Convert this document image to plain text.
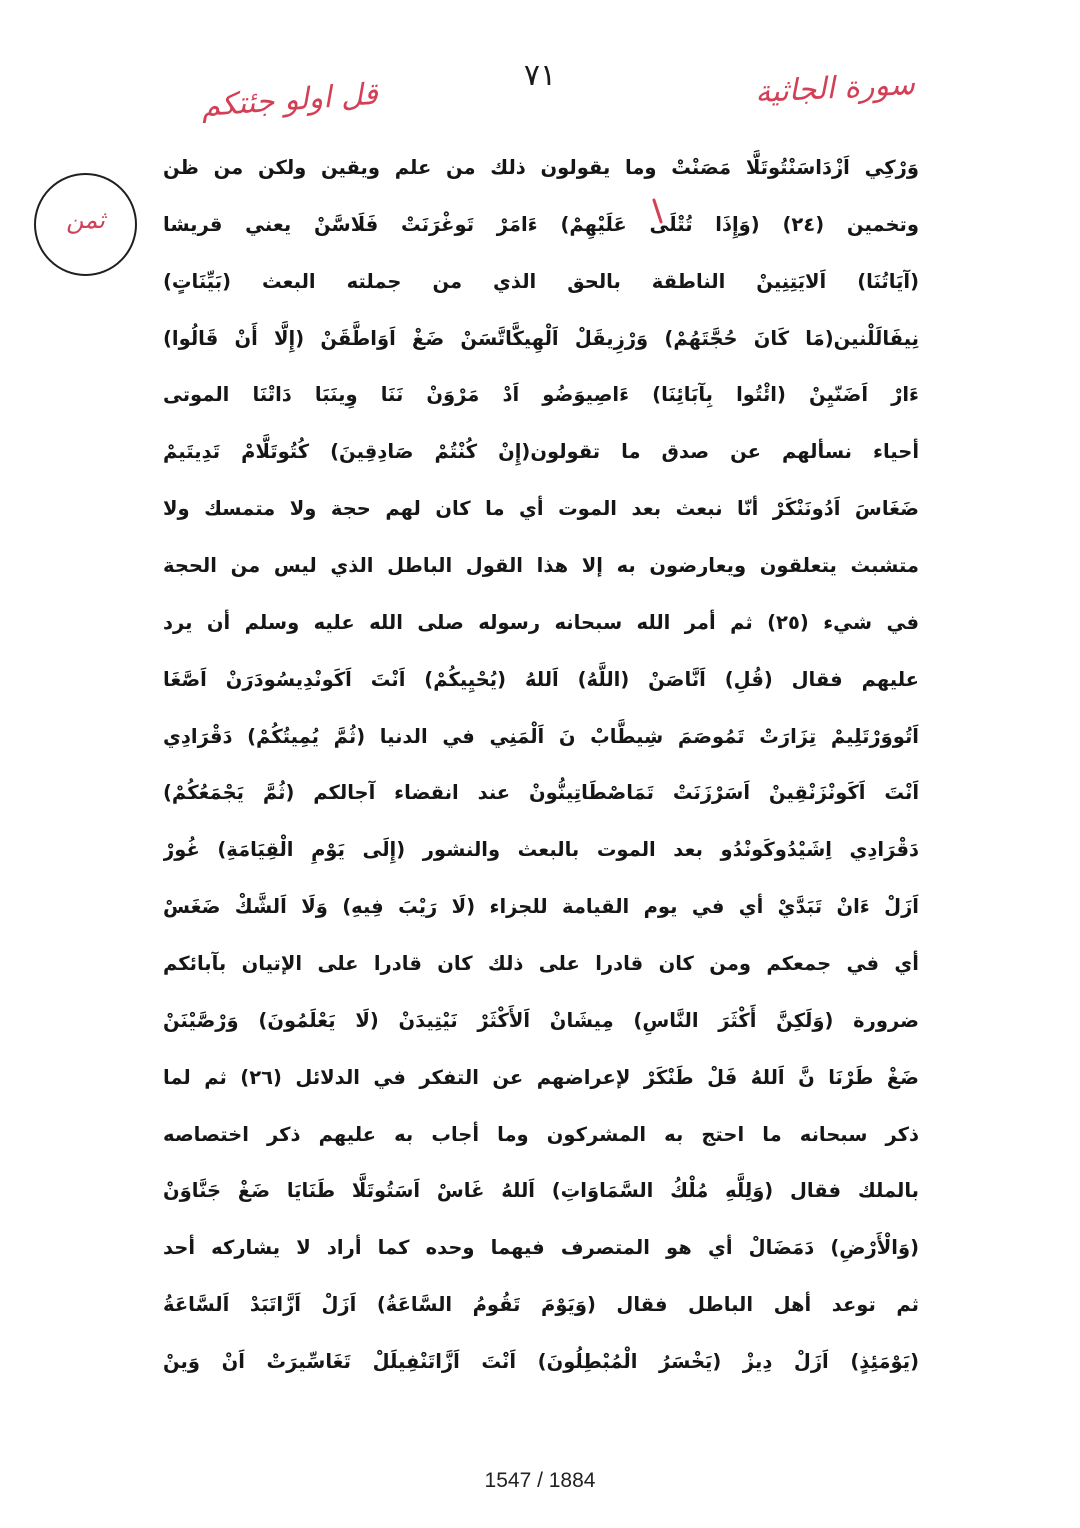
٧١	سورة الجاثية
قل اولو جئتكم
ثمن
وَرْكِي اَزْدَاسَنْتُوتَلَّا مَصَنْتْ وما يقولون ذلك من علم ويقين ولكن من ظن
وتخمين (٢٤) (وَإِذَا تُتْلَى عَلَيْهِمْ) ءَامَرْ تَوغْرَنَتْ فَلَاسَّنْ يعني قريشا
(آيَاتُنَا) اَلايَتِنِينْ الناطقة بالحق الذي من جملته البعث (بَيِّنَاتٍ)
نِيفَالَلْنين(مَا كَانَ حُجَّتَهُمْ) وَرْزِيقَلْ اَلْهِيكَّاتَّسَنْ ضَغْ اَوَاطَّقَنْ (إِلَّا أَنْ قَالُوا)
ءَارْ اَضَنّيِنْ (ائْتُوا بِآبَائِنَا) ءَاصِيوَضُو اَدْ مَرْوَنْ نَنَا وِينَبَا دَاتْنَا الموتى
أحياء نسألهم عن صدق ما تقولون(إِنْ كُنْتُمْ صَادِقِينَ) كُتُوتَلَّامْ تَدِيتَيمْ
ضَغَاسَ اَدُونَنْكَرْ أنّا نبعث بعد الموت أي ما كان لهم حجة ولا متمسك ولا
متشبث يتعلقون ويعارضون به إلا هذا القول الباطل الذي ليس من الحجة
في شيء (٢٥) ثم أمر الله سبحانه رسوله صلى الله عليه وسلم أن يرد
عليهم فقال (قُلِ) اَنَّاصَنْ (اللَّهُ) اَللهُ (يُحْيِيكُمْ) اَنْتَ اَكَونْدِيسُودَرَنْ اَصَّغَا
اَتُووَرْتَلِيمْ تِزَارَتْ تَمُوصَمَ شِيطَّابْ نَ اَلْمَنِي في الدنيا (ثُمَّ يُمِيتُكُمْ) دَقْرَادِي
اَنْتَ اَكَونْزَنْقِينْ اَسَرْزَنَتْ تَمَاصْطَاتِينُّونْ عند انقضاء آجالكم (ثُمَّ يَجْمَعُكُمْ)
دَقْرَادِي اِشَيْدُوكَونْدُو بعد الموت بالبعث والنشور (إِلَى يَوْمِ الْقِيَامَةِ) غُورْ
اَزَلْ ءَانْ تَبَدَّيْ أي في يوم القيامة للجزاء (لَا رَيْبَ فِيهِ) وَلَا اَلشَّكْ ضَغَسْ
أي في جمعكم ومن كان قادرا على ذلك كان قادرا على الإتيان بآبائكم
ضرورة (وَلَكِنَّ أَكْثَرَ النَّاسِ) مِيشَانْ اَلأَكْثَرْ نَيْتِيدَنْ (لَا يَعْلَمُونَ) وَرْصَّيْنَنْ
ضَغْ طَرْنَا نَّ اَللهُ فَلْ طَنْكَرْ لإعراضهم عن التفكر في الدلائل (٢٦) ثم لما
ذكر سبحانه ما احتج به المشركون وما أجاب به عليهم ذكر اختصاصه
بالملك فقال (وَلِلَّهِ مُلْكُ السَّمَاوَاتِ) اَللهُ غَاسْ اَسَتُوتَلَّا طَنَايَا ضَغْ جَنَّاوَنْ
(وَالْأَرْضِ) دَمَضَالْ أي هو المتصرف فيهما وحده كما أراد لا يشاركه أحد
ثم توعد أهل الباطل فقال (وَيَوْمَ تَقُومُ السَّاعَةُ) اَزَلْ اَزَّاتَبَدْ اَلسَّاعَةُ
(يَوْمَئِذٍ) اَزَلْ دِيزْ (يَخْسَرُ الْمُبْطِلُونَ) اَنْتَ اَزَّاتَنْفِيلَلْ تَغَاسِّيرَتْ اَنْ وَينْ
1547 / 1884
